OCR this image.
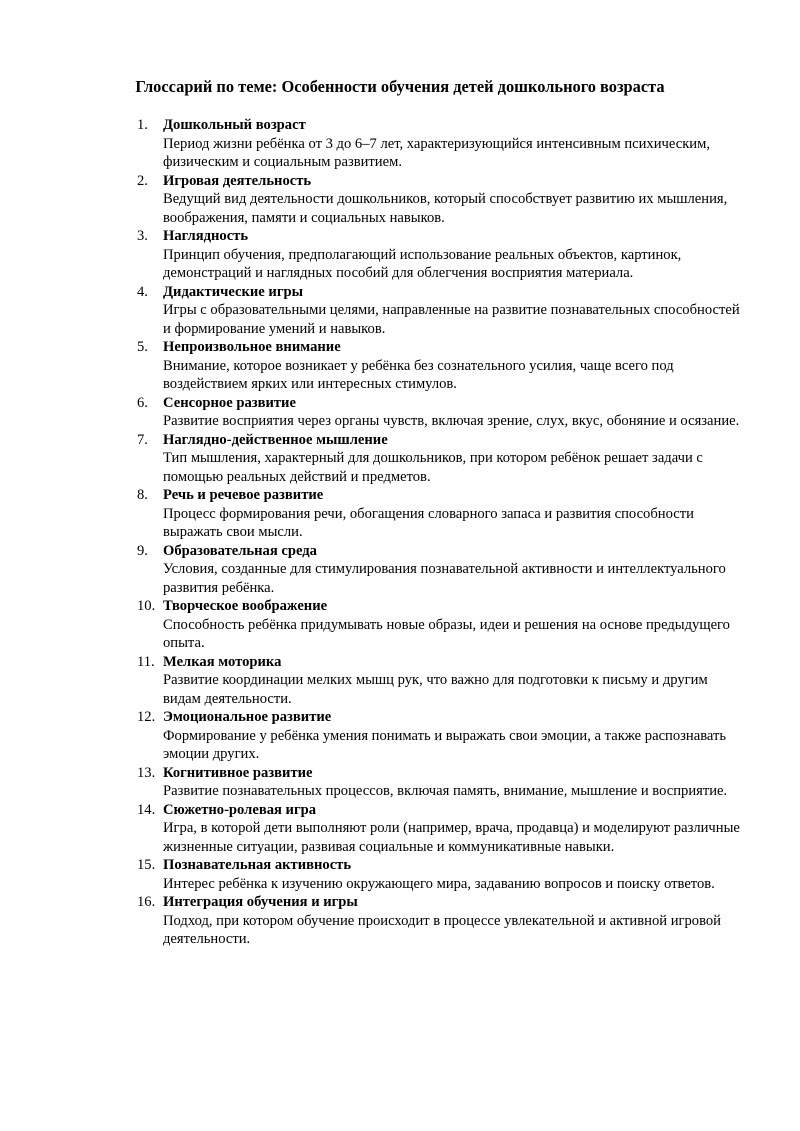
Глоссарий по теме: Особенности обучения детей дошкольного возраста
1. Дошкольный возраст
Период жизни ребёнка от 3 до 6–7 лет, характеризующийся интенсивным психическим, физическим и социальным развитием.
2. Игровая деятельность
Ведущий вид деятельности дошкольников, который способствует развитию их мышления, воображения, памяти и социальных навыков.
3. Наглядность
Принцип обучения, предполагающий использование реальных объектов, картинок, демонстраций и наглядных пособий для облегчения восприятия материала.
4. Дидактические игры
Игры с образовательными целями, направленные на развитие познавательных способностей и формирование умений и навыков.
5. Непроизвольное внимание
Внимание, которое возникает у ребёнка без сознательного усилия, чаще всего под воздействием ярких или интересных стимулов.
6. Сенсорное развитие
Развитие восприятия через органы чувств, включая зрение, слух, вкус, обоняние и осязание.
7. Наглядно-действенное мышление
Тип мышления, характерный для дошкольников, при котором ребёнок решает задачи с помощью реальных действий и предметов.
8. Речь и речевое развитие
Процесс формирования речи, обогащения словарного запаса и развития способности выражать свои мысли.
9. Образовательная среда
Условия, созданные для стимулирования познавательной активности и интеллектуального развития ребёнка.
10. Творческое воображение
Способность ребёнка придумывать новые образы, идеи и решения на основе предыдущего опыта.
11. Мелкая моторика
Развитие координации мелких мышц рук, что важно для подготовки к письму и другим видам деятельности.
12. Эмоциональное развитие
Формирование у ребёнка умения понимать и выражать свои эмоции, а также распознавать эмоции других.
13. Когнитивное развитие
Развитие познавательных процессов, включая память, внимание, мышление и восприятие.
14. Сюжетно-ролевая игра
Игра, в которой дети выполняют роли (например, врача, продавца) и моделируют различные жизненные ситуации, развивая социальные и коммуникативные навыки.
15. Познавательная активность
Интерес ребёнка к изучению окружающего мира, задаванию вопросов и поиску ответов.
16. Интеграция обучения и игры
Подход, при котором обучение происходит в процессе увлекательной и активной игровой деятельности.
